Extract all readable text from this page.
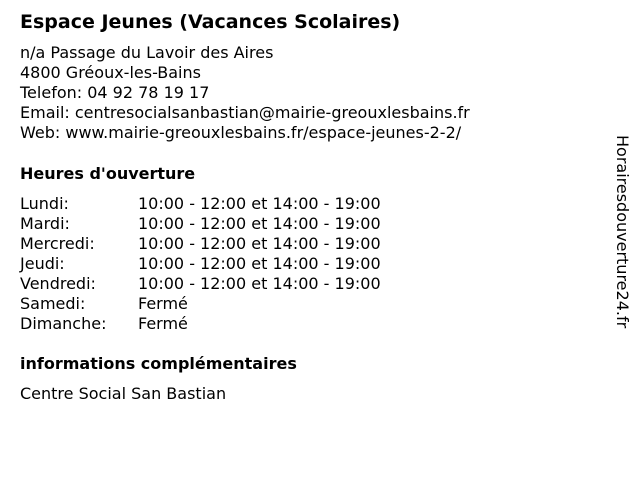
Espace Jeunes (Vacances Scolaires)
n/a Passage du Lavoir des Aires
4800 Gréoux-les-Bains
Telefon: 04 92 78 19 17
Email: centresocialsanbastian@mairie-greouxlesbains.fr
Web: www.mairie-greouxlesbains.fr/espace-jeunes-2-2/
Heures d'ouverture
Lundi:	10:00 - 12:00 et 14:00 - 19:00
Mardi:	10:00 - 12:00 et 14:00 - 19:00
Mercredi:	10:00 - 12:00 et 14:00 - 19:00
Jeudi:	10:00 - 12:00 et 14:00 - 19:00
Vendredi:	10:00 - 12:00 et 14:00 - 19:00
Samedi:	Fermé
Dimanche:	Fermé
informations complémentaires
Centre Social San Bastian
Horairesdouverture24.fr
